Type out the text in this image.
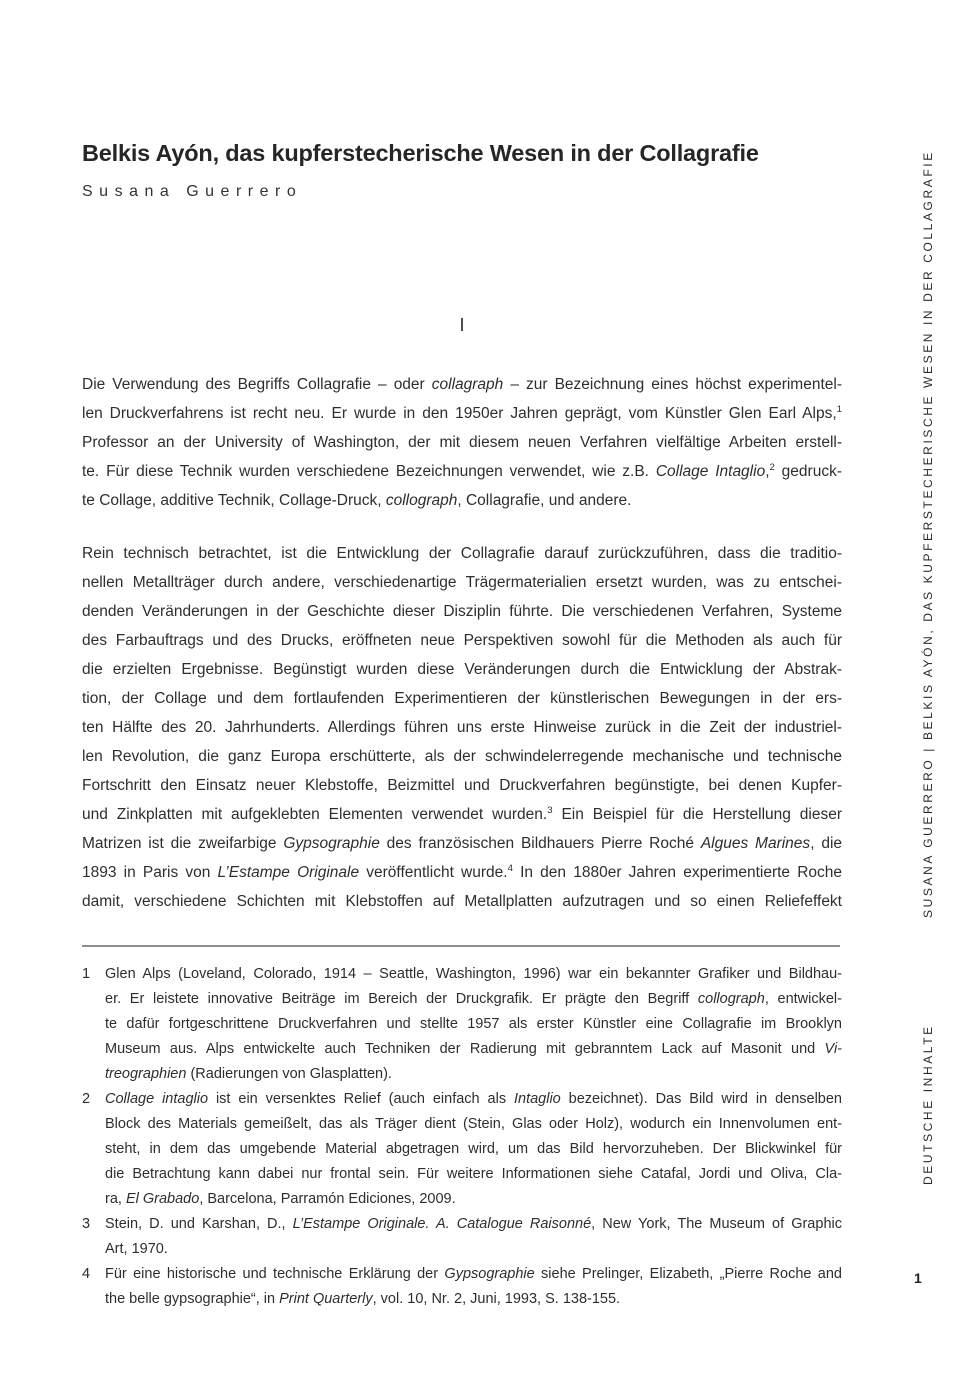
Belkis Ayón, das kupferstecherische Wesen in der Collagrafie
Susana Guerrero
I
Die Verwendung des Begriffs Collagrafie – oder collagraph – zur Bezeichnung eines höchst experimentel-
len Druckverfahrens ist recht neu. Er wurde in den 1950er Jahren geprägt, vom Künstler Glen Earl Alps,$^1$
Professor an der University of Washington, der mit diesem neuen Verfahren vielfältige Arbeiten erstell-
te. Für diese Technik wurden verschiedene Bezeichnungen verwendet, wie z.B. Collage Intaglio,$^2$ gedruck-
te Collage, additive Technik, Collage-Druck, collograph, Collagrafie, und andere.
Rein technisch betrachtet, ist die Entwicklung der Collagrafie darauf zurückzuführen, dass die traditio-
nellen Metallträger durch andere, verschiedenartige Trägermaterialien ersetzt wurden, was zu entschei-
denden Veränderungen in der Geschichte dieser Disziplin führte. Die verschiedenen Verfahren, Systeme
des Farbauftrags und des Drucks, eröffneten neue Perspektiven sowohl für die Methoden als auch für
die erzielten Ergebnisse. Begünstigt wurden diese Veränderungen durch die Entwicklung der Abstrak-
tion, der Collage und dem fortlaufenden Experimentieren der künstlerischen Bewegungen in der ers-
ten Hälfte des 20. Jahrhunderts. Allerdings führen uns erste Hinweise zurück in die Zeit der industriel-
len Revolution, die ganz Europa erschütterte, als der schwindelerregende mechanische und technische
Fortschritt den Einsatz neuer Klebstoffe, Beizmittel und Druckverfahren begünstigte, bei denen Kupfer-
und Zinkplatten mit aufgeklebten Elementen verwendet wurden.$^3$ Ein Beispiel für die Herstellung dieser
Matrizen ist die zweifarbige Gypsographie des französischen Bildhauers Pierre Roché Algues Marines, die
1893 in Paris von L’Estampe Originale veröffentlicht wurde.$^4$ In den 1880er Jahren experimentierte Roche
damit, verschiedene Schichten mit Klebstoffen auf Metallplatten aufzutragen und so einen Reliefeffekt
1	Glen Alps (Loveland, Colorado, 1914 – Seattle, Washington, 1996) war ein bekannter Grafiker und Bildhau-
er. Er leistete innovative Beiträge im Bereich der Druckgrafik. Er prägte den Begriff collograph, entwickel-
te dafür fortgeschrittene Druckverfahren und stellte 1957 als erster Künstler eine Collagrafie im Brooklyn
Museum aus. Alps entwickelte auch Techniken der Radierung mit gebranntem Lack auf Masonit und Vi-
treographien (Radierungen von Glasplatten).
2	Collage intaglio ist ein versenktes Relief (auch einfach als Intaglio bezeichnet). Das Bild wird in denselben
Block des Materials gemeißelt, das als Träger dient (Stein, Glas oder Holz), wodurch ein Innenvolumen ent-
steht, in dem das umgebende Material abgetragen wird, um das Bild hervorzuheben. Der Blickwinkel für
die Betrachtung kann dabei nur frontal sein. Für weitere Informationen siehe Catafal, Jordi und Oliva, Cla-
ra, El Grabado, Barcelona, Parramón Ediciones, 2009.
3	Stein, D. und Karshan, D., L’Estampe Originale. A. Catalogue Raisonné, New York, The Museum of Graphic
Art, 1970.
4	Für eine historische und technische Erklärung der Gypsographie siehe Prelinger, Elizabeth, „Pierre Roche and
the belle gypsographie“, in Print Quarterly, vol. 10, Nr. 2, Juni, 1993, S. 138-155.
SUSANA GUERRERO | BELKIS AYÓN, DAS KUPFERSTECHERISCHE WESEN IN DER COLLAGRAFIE
DEUTSCHE INHALTE
1
